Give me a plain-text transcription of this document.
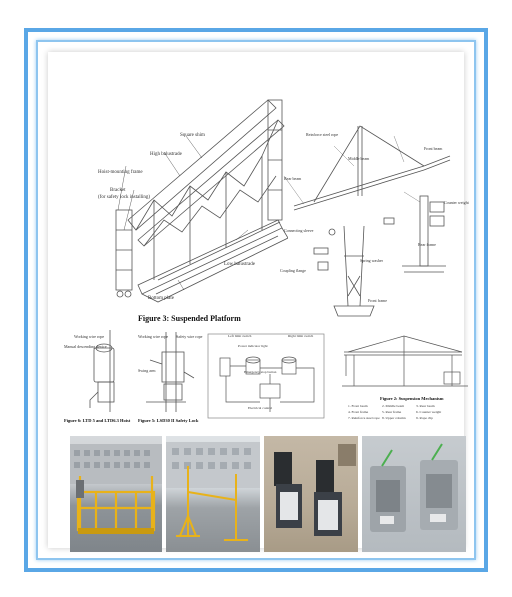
Square shim
High balustrade
Hoist-mounting frame
Bracket
(for safety lock installing)
Low balustrade
Bottom plate
Figure 3: Suspended Platform
Reinforce steel rope
Rear beam
Front beam
Middle beam
Counter weight
Rear frame
Front frame
Connecting sleeve
Spring washer
Coupling flange
Working wire rope
Manual descending device
Figure 6: LTD 5 and LTD6.3 Hoist
Working wire rope Safety wire rope
Swing arm
Figure 5: LSD30 II Safety Lock
Left limit switch	Right limit switch
Power indicator light
Emergency stop button
Electrical control
Figure 2: Suspension Mechanism
1. Front beam	2. Middle beam	3. Rear beam
4. Front frame	5. Rear frame	6. Counter weight
7. Reinforce steel rope 8. Upper column	9. Rope clip
